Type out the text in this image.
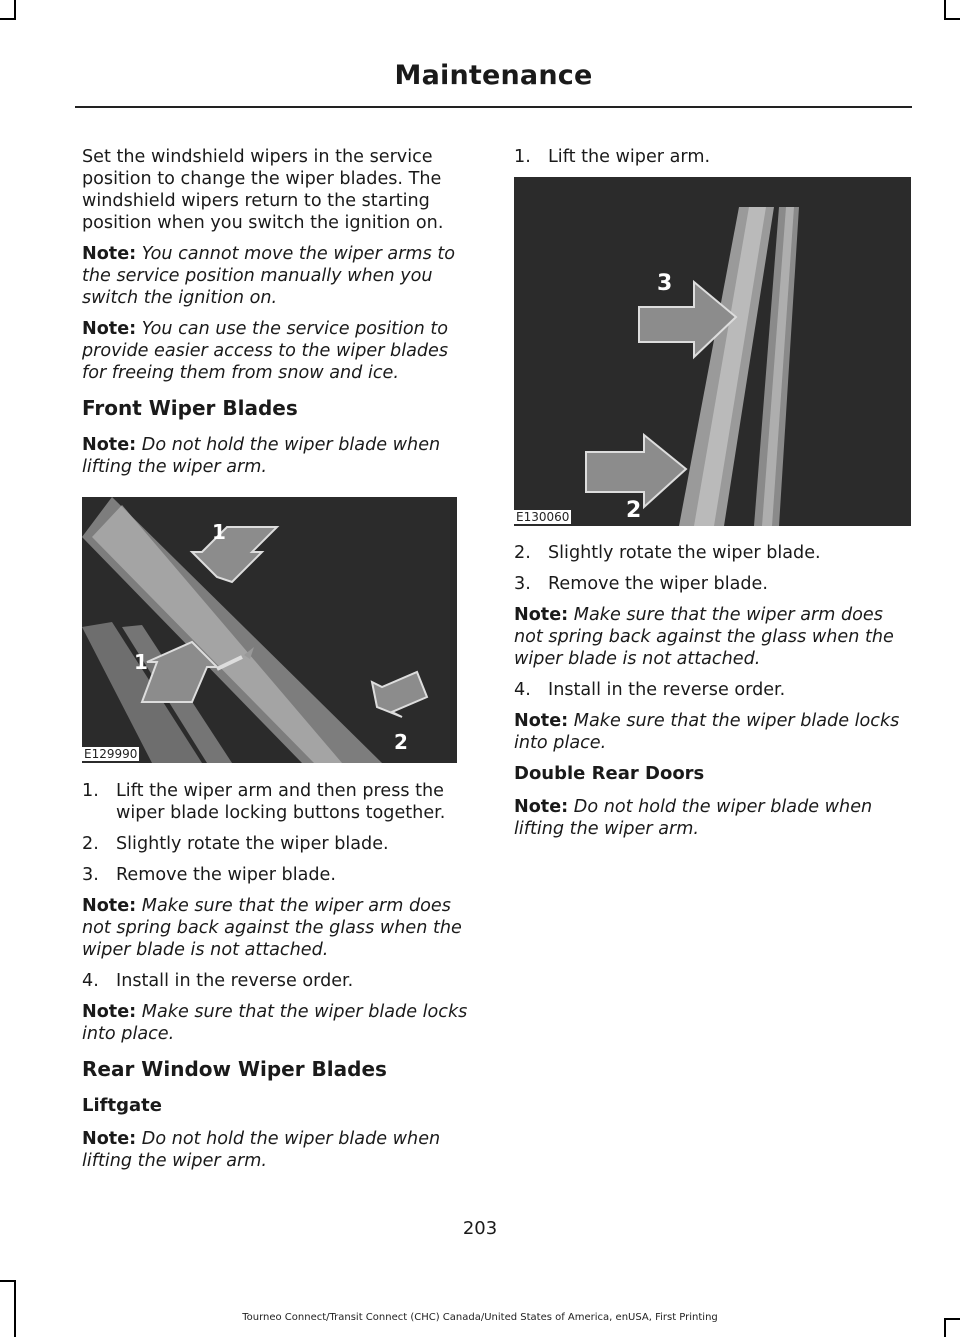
Maintenance

Set the windshield wipers in the service position to change the wiper blades. The windshield wipers return to the starting position when you switch the ignition on.

Note: You cannot move the wiper arms to the service position manually when you switch the ignition on.

Note: You can use the service position to provide easier access to the wiper blades for freeing them from snow and ice.

Front Wiper Blades

Note: Do not hold the wiper blade when lifting the wiper arm.

1
1
2
E129990
1. Lift the wiper arm and then press the wiper blade locking buttons together.
2. Slightly rotate the wiper blade.
3. Remove the wiper blade.

Note: Make sure that the wiper arm does not spring back against the glass when the wiper blade is not attached.

4. Install in the reverse order.

Note: Make sure that the wiper blade locks into place.

Rear Window Wiper Blades
Liftgate

Note: Do not hold the wiper blade when lifting the wiper arm.

1. Lift the wiper arm.
3
2
E130060
2. Slightly rotate the wiper blade.
3. Remove the wiper blade.

Note: Make sure that the wiper arm does not spring back against the glass when the wiper blade is not attached.

4. Install in the reverse order.

Note: Make sure that the wiper blade locks into place.

Double Rear Doors

Note: Do not hold the wiper blade when lifting the wiper arm.

203
Tourneo Connect/Transit Connect (CHC) Canada/United States of America, enUSA, First Printing
